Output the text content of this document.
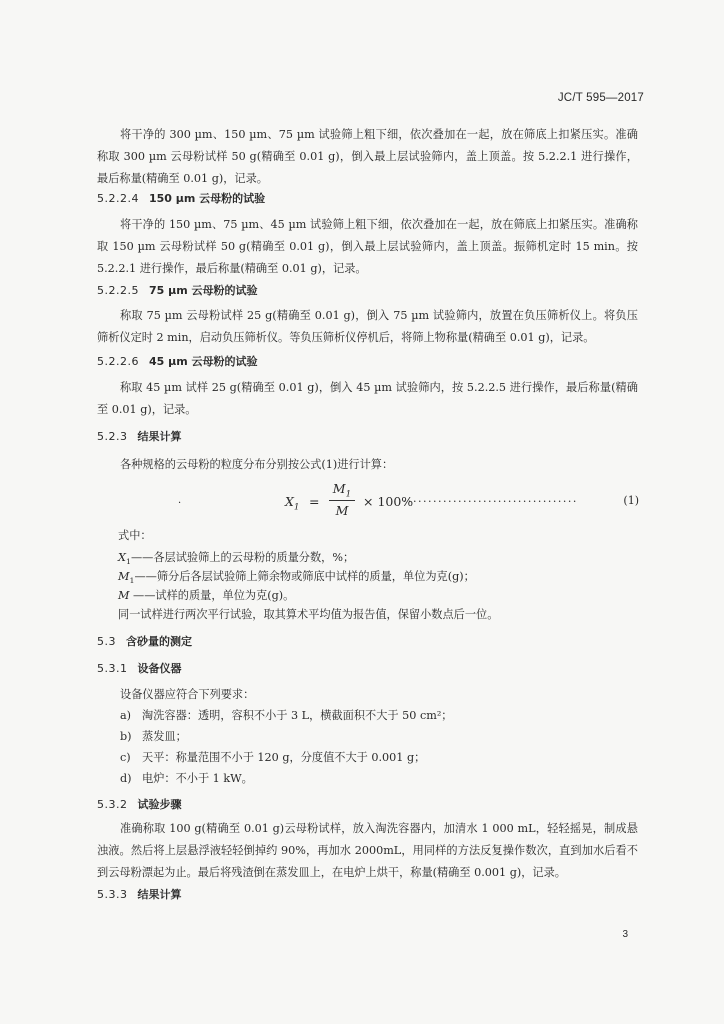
JC/T 595—2017

将干净的 300 µm、150 µm、75 µm 试验筛上粗下细，依次叠加在一起，放在筛底上扣紧压实。准确称取 300 µm 云母粉试样 50 g(精确至 0.01 g)，倒入最上层试验筛内，盖上顶盖。按 5.2.2.1 进行操作，最后称量(精确至 0.01 g)，记录。

5.2.2.4 150 µm 云母粉的试验

将干净的 150 µm、75 µm、45 µm 试验筛上粗下细，依次叠加在一起，放在筛底上扣紧压实。准确称取 150 µm 云母粉试样 50 g(精确至 0.01 g)，倒入最上层试验筛内，盖上顶盖。振筛机定时 15 min。按 5.2.2.1 进行操作，最后称量(精确至 0.01 g)，记录。

5.2.2.5 75 µm 云母粉的试验

称取 75 µm 云母粉试样 25 g(精确至 0.01 g)，倒入 75 µm 试验筛内，放置在负压筛析仪上。将负压筛析仪定时 2 min，启动负压筛析仪。等负压筛析仪停机后，将筛上物称量(精确至 0.01 g)，记录。

5.2.2.6 45 µm 云母粉的试验

称取 45 µm 试样 25 g(精确至 0.01 g)，倒入 45 µm 试验筛内，按 5.2.2.5 进行操作，最后称量(精确至 0.01 g)，记录。

5.2.3 结果计算
各种规格的云母粉的粒度分布分别按公式(1)进行计算：
·	$X_1$ =
$M_1$
M
× 100%
...................................	(1)
式中：
$X_1——$各层试验筛上的云母粉的质量分数，%；
$M_1——$筛分后各层试验筛上筛余物或筛底中试样的质量，单位为克(g)；
M ——试样的质量，单位为克(g)。
同一试样进行两次平行试验，取其算术平均值为报告值，保留小数点后一位。
5.3 含砂量的测定
5.3.1 设备仪器
设备仪器应符合下列要求：
a) 淘洗容器：透明，容积不小于 3 L，横截面积不大于 50 cm²；
b) 蒸发皿；
c) 天平：称量范围不小于 120 g，分度值不大于 0.001 g；
d) 电炉：不小于 1 kW。
5.3.2 试验步骤

准确称取 100 g(精确至 0.01 g)云母粉试样，放入淘洗容器内，加清水 1 000 mL，轻轻摇晃，制成悬浊液。然后将上层悬浮液轻轻倒掉约 90%，再加水 2000mL，用同样的方法反复操作数次，直到加水后看不到云母粉漂起为止。最后将残渣倒在蒸发皿上，在电炉上烘干，称量(精确至 0.001 g)，记录。

5.3.3 结果计算
3
